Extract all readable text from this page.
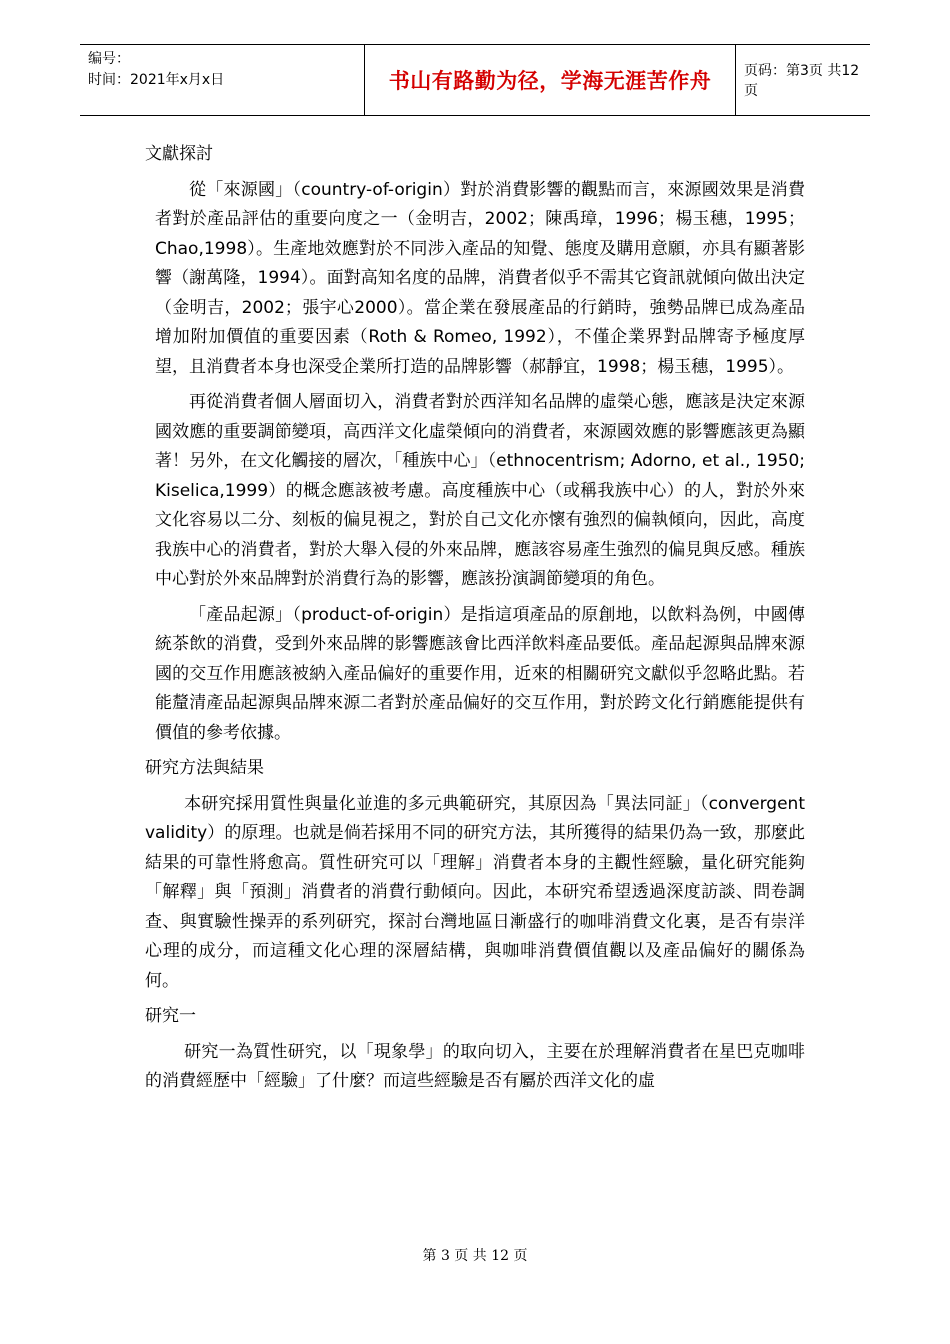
编号：
时间：2021年x月x日	书山有路勤为径，学海无涯苦作舟	页码：第3页 共12页
文獻探討

從「來源國」（country-of-origin）對於消費影響的觀點而言，來源國效果是消費者對於產品評估的重要向度之一（金明吉，2002；陳禹璋，1996；楊玉穗，1995；Chao,1998）。生產地效應對於不同涉入產品的知覺、態度及購用意願，亦具有顯著影響（謝萬隆，1994）。面對高知名度的品牌，消費者似乎不需其它資訊就傾向做出決定（金明吉，2002；張宇心2000）。當企業在發展產品的行銷時，強勢品牌已成為產品增加附加價值的重要因素（Roth & Romeo, 1992），不僅企業界對品牌寄予極度厚望，且消費者本身也深受企業所打造的品牌影響（郝靜宜，1998；楊玉穗，1995）。

再從消費者個人層面切入，消費者對於西洋知名品牌的虛榮心態，應該是決定來源國效應的重要調節變項，高西洋文化虛榮傾向的消費者，來源國效應的影響應該更為顯著！另外，在文化觸接的層次，「種族中心」（ethnocentrism; Adorno, et al., 1950; Kiselica,1999）的概念應該被考慮。高度種族中心（或稱我族中心）的人，對於外來文化容易以二分、刻板的偏見視之，對於自己文化亦懷有強烈的偏執傾向，因此，高度我族中心的消費者，對於大舉入侵的外來品牌，應該容易產生強烈的偏見與反感。種族中心對於外來品牌對於消費行為的影響，應該扮演調節變項的角色。

「產品起源」（product-of-origin）是指這項產品的原創地，以飲料為例，中國傳統茶飲的消費，受到外來品牌的影響應該會比西洋飲料產品要低。產品起源與品牌來源國的交互作用應該被納入產品偏好的重要作用，近來的相關研究文獻似乎忽略此點。若能釐清產品起源與品牌來源二者對於產品偏好的交互作用，對於跨文化行銷應能提供有價值的參考依據。

研究方法與結果

本研究採用質性與量化並進的多元典範研究，其原因為「異法同証」（convergent validity）的原理。也就是倘若採用不同的研究方法，其所獲得的結果仍為一致，那麼此結果的可靠性將愈高。質性研究可以「理解」消費者本身的主觀性經驗，量化研究能夠「解釋」與「預測」消費者的消費行動傾向。因此，本研究希望透過深度訪談、問卷調查、與實驗性操弄的系列研究，探討台灣地區日漸盛行的咖啡消費文化裏，是否有崇洋心理的成分，而這種文化心理的深層結構，與咖啡消費價值觀以及產品偏好的關係為何。

研究一

研究一為質性研究，以「現象學」的取向切入，主要在於理解消費者在星巴克咖啡的消費經歷中「經驗」了什麼？而這些經驗是否有屬於西洋文化的虛

第 3 页 共 12 页
